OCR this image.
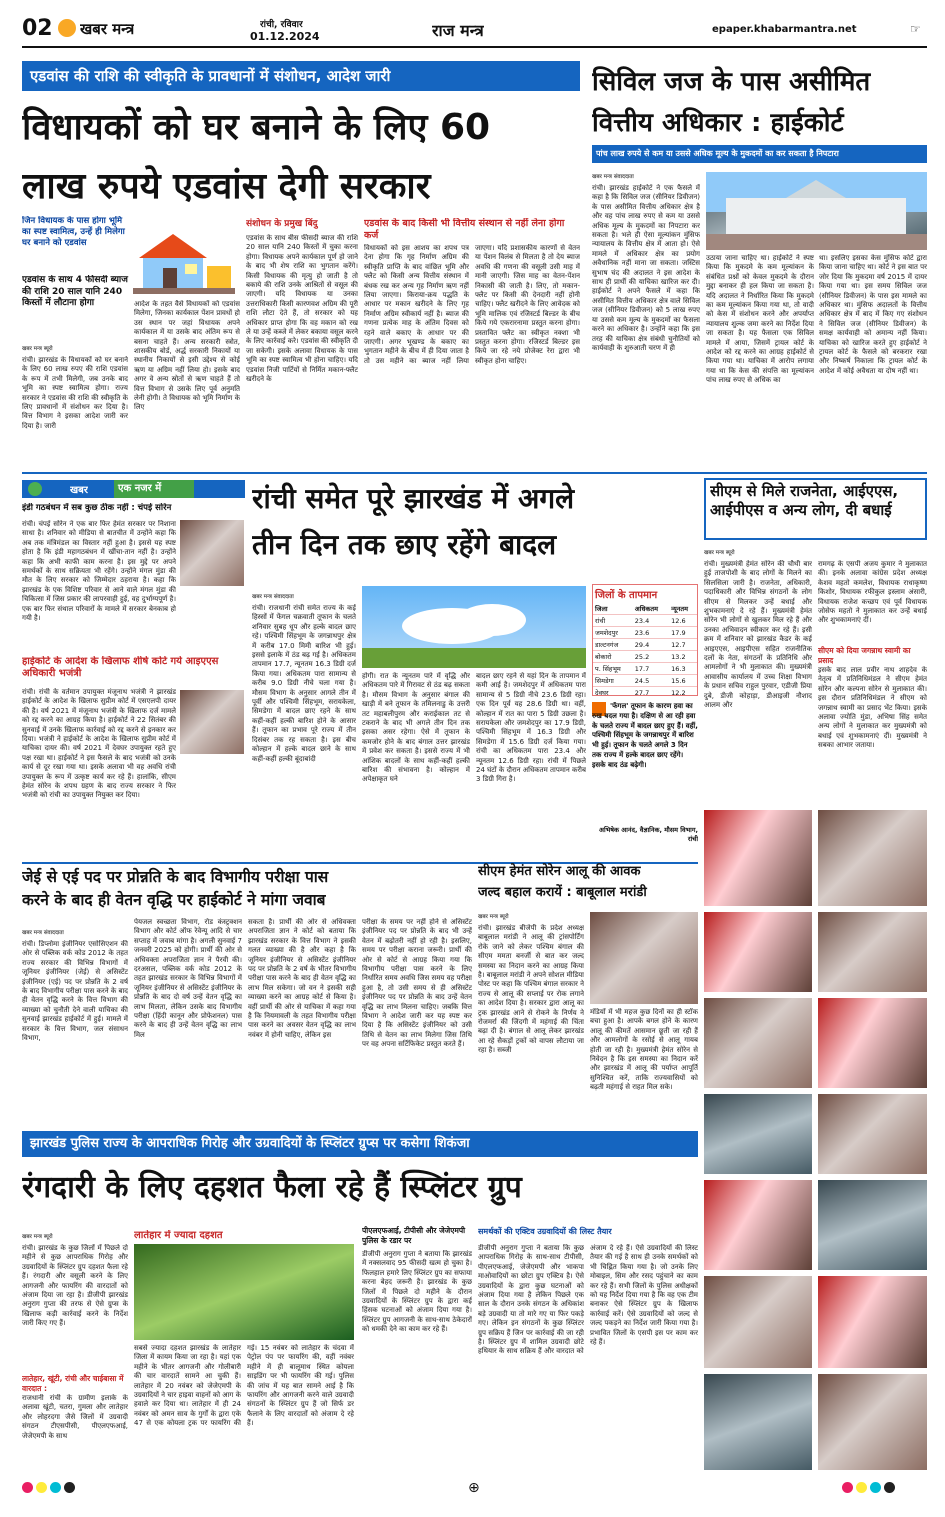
02 खबर मन्त्र	रांची, रविवार
01.12.2024	राज मन्त्र	epaper.khabarmantra.net	☞
एडवांस की राशि की स्वीकृति के प्रावधानों में संशोधन, आदेश जारी
विधायकों को घर बनाने के लिए 60
लाख रुपये एडवांस देगी सरकार
जिन विधायक के पास होगा भूमि का स्पष्ट स्वामित्व, उन्हें ही मिलेगा घर बनाने को एडवांस
एडवांस के साथ 4 फीसदी ब्याज की राशि 20 साल यानि 240 किस्तों में लौटाना होगा
खबर मन्त्र ब्यूरो
रांची। झारखंड के विधायकों को घर बनाने के लिए 60 लाख रुपए की राशि एडवांस के रूप में तभी मिलेगी, जब उनके बाद भूमि का स्पष्ट स्वामित्व होगा। राज्य सरकार ने एडवांस की राशि की स्वीकृति के लिए प्रावधानों में संशोधन कर दिया है। वित्त विभाग ने इसका आदेश जारी कर दिया है। जारी
आदेश के तहत वैसे विधायकों को एडवांस मिलेगा, जिनका कार्यकाल पेंशन प्रावधों हो उस स्थान पर जहां विधायक अपने कार्यकाल में या उसके बाद अंतिम रूप से बसना चाहते हैं। अन्य सरकारी स्त्रोत, शासकीय बोर्ड, अर्द्ध सरकारी निकायों या स्थानीय निकायों से इसी उद्देश्य से कोई ऋण या अग्रिम नहीं लिया हो। इसके बाद अगर वे अन्य स्रोतों से ऋण चाहते हैं तो वित्त विभाग से उसके लिए पूर्व अनुमति लेनी होगी। ते विधायक को भूमि निर्माण के लिए
संशोधन के प्रमुख बिंदु
एडवांस के साथ बीस फीसदी ब्याज की राशि 20 साल यानि 240 किस्तों में चुका करना होगा। विधायक अपने कार्यकाल पूर्ण हो जाने के बाद भी शेष राशि का भुगतान करेंगे। किसी विधायक की मृत्यु हो जाती है तो बकाये की राशि उनके आश्रितों से वसूल की जाएगी। यदि विधायक या उनका उत्तराधिकारी किसी कारणवश अग्रिम की पूरी राशि लौटा देते हैं, तो सरकार को यह अधिकार प्राप्त होगा कि वह मकान को रख ले या उन्हें कब्जे में लेकर बकाया वसूल करने के लिए कार्रवाई करे। एडवांस की स्वीकृति दी जा सकेगी। इसके अलावा विधायक के पास भूमि का स्पष्ट स्वामित्व भी होना चाहिए। यदि एडवांस निजी पार्टियों से निर्मित मकान-फ्लैट खरीदने के
एडवांस के बाद किसी भी वित्तीय संस्थान से नहीं लेना होगा कर्ज
विधायकों को इस आशय का शपथ पत्र देना होगा कि गृह निर्माण अग्रिम की स्वीकृति प्राप्ति के बाद वांछित भूमि और फ्लैट को किसी अन्य वित्तीय संस्थान में बंधक रख कर अन्य गृह निर्माण ऋण नहीं लिया जाएगा। किराया-क्रय पद्धति के आधार पर मकान खरीदने के लिए गृह निर्माण अग्रिम स्वीकार्य नहीं है। ब्याज की गणना प्रत्येक माह के अंतिम दिवस को रहने वाले बकाए के आधार पर की जाएगी। अगर भूखण्ड के बकाए का भुगतान महीने के बीच में ही दिया जाता है तो उस महीने का ब्याज नहीं लिया जाएगा। यदि प्रशासकीय कारणों से वेतन या पेंशन विलंब से मिलता है तो देय ब्याज अवधि की गणना की वसूली उसी माह में मानी जाएगी। जिस माह का वेतन-पेंशन निकासी की जाती है। लिए, तो मकान-फ्लैट पर किसी की देनदारी नहीं होनी चाहिए। फ्लैट खरीदने के लिए आवेदक को भूमि मालिक एवं रजिस्टर्ड बिल्डर के बीच किये गये एकरारनामा प्रस्तुत करना होगा। प्रस्तावित फ्लैट का स्वीकृत नक्शा भी प्रस्तुत करना होगा। रजिस्टर्ड बिल्डर इस किये जा रहे नये प्रोजेक्ट रेरा द्वारा भी स्वीकृत होना चाहिए।
सिविल जज के पास असीमित
वित्तीय अधिकार : हाईकोर्ट
पांच लाख रुपये से कम या उससे अधिक मूल्य के मुकदमों का कर सकता है निपटारा
खबर मन्त्र संवाददाता
रांची। झारखंड हाईकोर्ट ने एक फैसले में कहा है कि सिविल जज (सीनियर डिवीजन) के पास असीमित वित्तीय अधिकार क्षेत्र है और वह पांच लाख रुपए से कम या उससे अधिक मूल्य के मुकदमों का निपटारा कर सकता है। भले ही ऐसा मूल्यांकन मुंसिफ न्यायालय के वित्तीय क्षेत्र में आता हो। ऐसे मामले में अधिकार क्षेत्र का प्रयोग अवैधानिक नहीं माना जा सकता। जस्टिस सुभाष चंद की अदालत ने इस आदेश के साथ ही प्रार्थी की याचिका खारिज कर दी। हाईकोर्ट ने अपने फैसले में कहा कि असीमित वित्तीय अधिकार क्षेत्र वाले सिविल जज (सीनियर डिवीजन) को 5 लाख रुपए या उससे कम मूल्य के मुकदमों का फैसला करने का अधिकार है। उन्होंने कहा कि इस तरह की याचिका क्षेत्र संबंधी चुनौतियों को कार्यवाही के शुरुआती चरण में ही
उठाया जाना चाहिए था। हाईकोर्ट ने स्पष्ट किया कि मुकदमे के कम मूल्यांकन के संबंधित प्रश्नों को केवल मुकदमे के दौरान मुद्दा बनाकर ही हल किया जा सकता है। यदि अदालत ने निर्धारित किया कि मुकदमे का कम मूल्यांकन किया गया था, तो वादी को केस में संशोधन करने और अपर्याप्त न्यायालय शुल्क जमा करने का निर्देश दिया जा सकता है। यह फैसला एक सिविल मामले में आया, जिसमें ट्रायल कोर्ट के आदेश को रद्द करने का आग्रह हाईकोर्ट से किया गया था। याचिका में आरोप लगाया गया था कि केस की संपत्ति का मूल्यांकन पांच लाख रुपए से अधिक का
था। इसलिए इसका केस मुंसिफ कोर्ट द्वारा किया जाना चाहिए था। कोर्ट ने इस बात पर जोर दिया कि मुकदमा वर्ष 2015 में दायर किया गया था। इस समय सिविल जज (सीनियर डिवीजन) के पास इस मामले का अधिकार था। मुंसिफ अदालतों के वित्तीय अधिकार क्षेत्र में बाद में किए गए संशोधन ने सिविल जज (सीनियर डिवीजन) के समक्ष कार्यवाही को अमान्य नहीं किया। याचिका को खारिज करते हुए हाईकोर्ट ने ट्रायल कोर्ट के फैसले को बरकरार रखा और निष्कर्ष निकाला कि ट्रायल कोर्ट के आदेश में कोई अवैधता या दोष नहीं था।
खबर	एक नजर में
इंडी गठबंधन में सब कुछ ठीक नहीं : चंपई सोरेन
रांची। चंपई सोरेन ने एक बार फिर हेमंत सरकार पर निशाना साधा है। शनिवार को मीडिया से बातचीत में उन्होंने कहा कि अब तक मंत्रिमंडल का विस्तार नहीं हुआ है। इससे यह स्पष्ट होता है कि इंडी महागठबंधन में खींचा-तान नहीं है। उन्होंने कहा कि अभी काफी काम करना है। इस मुद्दे पर अपने समर्थकों के साथ सक्रियता भी रहेंगे। उन्होंने मंगल मुंडा की मौत के लिए सरकार को जिम्मेदार ठहराया है। कहा कि झारखंड के एक विशिष्ट परिवार से आने वाले मंगल मुंडा की चिकित्सा में जिस प्रकार की लापरवाही हुई, वह दुर्भाग्यपूर्ण है। एक बार फिर संथाल परिवारों के मामले में सरकार बेनकाब हो गयी है।
हाईकोर्ट के आदेश के खिलाफ शीर्ष कोर्ट गये आइएएस अधिकारी भजंत्री
रांची। रांची के वर्तमान उपायुक्त मंजूनाथ भजंत्री ने झारखंड हाईकोर्ट के आदेश के खिलाफ सुप्रीम कोर्ट में एसएलपी दायर की है। वर्ष 2021 में मंजूनाथ भजंत्री के खिलाफ दर्ज मामले को रद्द करने का आग्रह किया है। हाईकोर्ट ने 22 सितंबर की सुनवाई में उनके खिलाफ कार्रवाई को रद्द करने से इनकार कर दिया। भजंत्री ने हाईकोर्ट के आदेश के खिलाफ सुप्रीम कोर्ट में याचिका दायर की। वर्ष 2021 में देवघर उपायुक्त रहते हुए पक्ष रखा था। हाईकोर्ट ने इस फैसले के बाद भजंत्री को उनके कार्य से दूर रखा गया था। इसके अलावा भी वह अवधि रांची उपायुक्त के रूप में उत्कृष्ट कार्य कर रहे हैं। हालांकि, सीएम हेमंत सोरेन के शपथ ग्रहण के बाद राज्य सरकार ने फिर भजंत्री को रांची का उपायुक्त नियुक्त कर दिया।
रांची समेत पूरे झारखंड में अगले
तीन दिन तक छाए रहेंगे बादल
खबर मन्त्र संवाददाता
रांची। राजधानी रांची समेत राज्य के कई हिस्सों में फेंगल चक्रवाती तूफान के चलते शनिवार सुबह धूप और हल्के बादल छाए रहे। पश्चिमी सिंहभूम के जगन्नाथपुर क्षेत्र में करीब 17.0 मिमी बारिश भी हुई। इससे इलाके में ठंड बढ़ गई है। अधिकतम तापमान 17.7, न्यूनतम 16.3 डिग्री दर्ज किया गया। अधिकतम पारा सामान्य से करीब 9.0 डिग्री नीचे चला गया है। मौसम विभाग के अनुसार आगले तीन में पूर्वी और पश्चिमी सिंहभूम, सरायकेला, सिमडेगा में बादल छाए रहने के साथ कहीं-कहीं हल्की बारिश होने के आसार हैं। तूफान का प्रभाव पूरे राज्य में तीन दिसंबर तक रह सकता है। इस बीच कोल्हान में हल्के बादल छाने के साथ कहीं-कहीं हल्की बूंदाबांदी
होगी। रात के न्यूनतम पारे में वृद्धि और अधिकतम पारे में गिरावट से ठंड बढ़ सकता है। मौसम विभाग के अनुसार बंगाल की खाड़ी में बने तूफान के तमिलनाडु के उत्तरी तट महाबलीपुरम और कराईकाल तट से टकराने के बाद भी अगले तीन दिन तक इसका असर रहेगा। ऐसे में तूफान के कमजोर होने के बाद बंगाल उत्तर झारखंड में प्रवेश कर सकता है। इससे राज्य में भी आंशिक बादलों के साथ कहीं-कहीं हल्की बारिश की संभावना है। कोल्हान में अपेक्षाकृत घने
बादल छाए रहने से यहां दिन के तापमान में कमी आई है। जमशेदपुर में अधिकतम पारा सामान्य से 5 डिग्री नीचे 23.6 डिग्री रहा। एक दिन पूर्व यह 28.6 डिग्री था। वहीं, कोल्हान में रात का पारा 5 डिग्री उछला है। सरायकेला और जमशेदपुर का 17.9 डिग्री, पश्चिमी सिंहभूम में 16.3 डिग्री और सिमडेगा में 15.6 डिग्री दर्ज किया गया। रांची का अधिकतम पारा 23.4 और न्यूनतम 12.6 डिग्री रहा। रांची में पिछले 24 घंटों के दौरान अधिकतम तापमान करीब 3 डिग्री गिरा है।
जिलों के तापमान
जिला	अधिकतम	न्यूनतम
रांची	23.4	12.6
जमशेदपुर	23.6	17.9
डाल्टनगंज	29.4	12.7
बोकारो	25.2	13.2
प. सिंहभूम	17.7	16.3
सिमडेगा	24.5	15.6
देवघर	27.7	12.2
'फेंगल' तूफान के कारण हवा का रुख बदल गया है। दक्षिण से आ रही हवा के चलते राज्य में बादल छाए हुए हैं। वहीं, पश्चिमी सिंहभूम के जगन्नाथपुर में बारिश भी हुई। तूफान के चलते अगले 3 दिन तक राज्य में हल्के बादल छाए रहेंगे। इसके बाद ठंड बढ़ेगी।
अभिषेक आनंद, वैज्ञानिक, मौसम विभाग, रांची
सीएम से मिले राजनेता, आईएएस, आईपीएस व अन्य लोग, दी बधाई
खबर मन्त्र ब्यूरो
रांची। मुख्यमंत्री हेमंत सोरेन की चौथी बार हुई ताजपोशी के बाद लोगों के मिलने का सिलसिला जारी है। राजनेता, अधिकारी, पदाधिकारी और विभिन्न संगठनों के लोग सीएम से मिलकर उन्हें बधाई और शुभकामनाएं दे रहे हैं। मुख्यमंत्री हेमंत सोरेन भी लोगों से खुलकर मिल रहे हैं और उनका अभिवादन स्वीकार कर रहे हैं। इसी क्रम में शनिवार को झारखंड कैडर के कई आइएएस, आइपीएस सहित राजनीतिक दलों के नेता, संगठनों के प्रतिनिधि और आमलोगों ने भी मुलाकात की। मुख्यमंत्री आवासीय कार्यालय में उच्च शिक्षा विभाग के प्रधान सचिव राहुल पुरवार, एडीजी प्रिया दुबे, डीजी कोहाड़ा, डीआइजी नौशाद आलम और
रामगढ़ के एसपी अजय कुमार ने मुलाकात की। इनके अलावा कांग्रेस प्रदेश अध्यक्ष केशव महतो कमलेश, विधायक राधाकृष्ण किशोर, विधायक रफीकुल इस्लाम अंसारी, विधायक राजेश कच्छप एवं पूर्व विधायक जोसेफ महतो ने मुलाकात कर उन्हें बधाई और शुभकामनाएं दीं।
सीएम को दिया जगन्नाथ स्वामी का प्रसाद
इसके बाद लाल प्रवीर नाथ शाहदेव के नेतृत्व में प्रतिनिधिमंडल ने सीएम हेमंत सोरेन और कल्पना सोरेन से मुलाकात की। इस दौरान प्रतिनिधिमंडल ने सीएम को जगन्नाथ स्वामी का प्रसाद भेंट किया। इसके अलावा ज्योति मुंडा, अभिषा सिंह समेत अन्य लोगों ने मुलाकात कर मुख्यमंत्री को बधाई एवं शुभकामनाएं दीं। मुख्यमंत्री ने सबका आभार जताया।
जेई से एई पद पर प्रोन्नति के बाद विभागीय परीक्षा पास
करने के बाद ही वेतन वृद्धि पर हाईकोर्ट ने मांगा जवाब
खबर मन्त्र संवाददाता
रांची। डिप्लोमा इंजीनियर एसोसिएशन की ओर से पब्लिक वर्क कोड 2012 के तहत राज्य सरकार की विभिन्न विभागों में जूनियर इंजीनियर (जेई) से असिस्टेंट इंजीनियर (एई) पद पर प्रोन्नति के 2 वर्ष के बाद विभागीय परीक्षा पास करने के बाद ही वेतन वृद्धि करने के वित्त विभाग की व्याख्या को चुनौती देने वाली याचिका की सुनवाई झारखंड हाईकोर्ट में हुई। मामले में सरकार के वित्त विभाग, जल संसाधन विभाग,
पेयजल स्वच्छता विभाग, रोड कंस्ट्रक्शन विभाग और कोर्ट ऑफ रेवेन्यू आदि से चार सप्ताह में जवाब मांगा है। अगली सुनवाई 7 जनवरी 2025 को होगी। प्रार्थी की ओर से अधिवक्ता अपराजिता ज्ञान ने पैरवी की। दरअसल, पब्लिक वर्क कोड 2012 के तहत झारखंड सरकार के विभिन्न विभागों में जूनियर इंजीनियर से असिस्टेंट इंजीनियर के प्रोन्नति के बाद दो वर्ष उन्हें वेतन वृद्धि का लाभ मिलता, लेकिन उसके बाद विभागीय परीक्षा (हिंदी कानून और प्रोफेशनल) पास करने के बाद ही उन्हें वेतन वृद्धि का लाभ मिल
सकता है। प्रार्थी की ओर से अधिवक्ता अपराजिता ज्ञान ने कोर्ट को बताया कि झारखंड सरकार के वित्त विभाग ने इसकी गलत व्याख्या की है और कहा है कि जूनियर इंजीनियर से असिस्टेंट इंजीनियर पद पर प्रोन्नति के 2 वर्ष के भीतर विभागीय परीक्षा पास करने के बाद ही वेतन वृद्धि का लाभ मिल सकेगा। जो वन ने इसकी सही व्याख्या करने का आग्रह कोर्ट से किया है। वहीं प्रार्थी की ओर से याचिका में कहा गया है कि नियमावली के तहत विभागीय परीक्षा पास करने का अवसर वेतन वृद्धि का लाभ नवंबर में होनी चाहिए, लेकिन इस
परीक्षा के समय पर नहीं होने से असिस्टेंट इंजीनियर पद पर प्रोन्नति के बाद भी उन्हें वेतन में बढ़ोतरी नहीं हो रही है। इसलिए, समय पर परीक्षा कराना जरूरी। प्रार्थी की ओर से कोर्ट से आग्रह किया गया कि विभागीय परीक्षा पास करने के लिए निर्धारित समय अवधि जिस समय वह परीक्षा हुआ है, तो उसी समय से ही असिस्टेंट इंजीनियर पद पर प्रोन्नति के बाद उन्हें वेतन वृद्धि का लाभ मिलना चाहिए। जबकि वित्त विभाग ने आदेश जारी कर यह स्पष्ट कर दिया है कि असिस्टेंट इंजीनियर को उसी तिथि से वेतन का लाभ मिलेगा जिस तिथि पर वह अपना सर्टिफिकेट प्रस्तुत करते हैं।
सीएम हेमंत सोरेन आलू की आवक
जल्द बहाल करायें : बाबूलाल मरांडी
खबर मन्त्र ब्यूरो
रांची। झारखंड बीजेपी के प्रदेश अध्यक्ष बाबूलाल मरांडी ने आलू की ट्रांसपोर्टिंग रोके जाने को लेकर पश्चिम बंगाल की सीएम ममता बनर्जी से बात कर जल्द समस्या का निदान करने का आग्रह किया है। बाबूलाल मरांडी ने अपने सोशल मीडिया पोस्ट पर कहा कि पश्चिम बंगाल सरकार ने राज्य से आलू की सप्लाई पर रोक लगाने का आदेश दिया है। सरकार द्वारा आलू का ट्रक झारखंड आने से रोकने के निर्णय ने रोजमर्रा की जिंदगी में महंगाई की चिंता बढ़ा दी है। बंगाल से आलू लेकर झारखंड आ रहे सैकड़ों ट्रकों को वापस लौटाया जा रहा है। सब्जी
मंडियों में भी महज कुछ दिनों का ही स्टॉक बचा हुआ है। आपके बगल होने के कारण आलू की कीमतें आसमान छूती जा रही हैं और आमलोगों के रसोई से आलू गायब होती जा रही है। मुख्यमंत्री हेमंत सोरेन से निवेदन है कि इस समस्या का निदान करें और झारखंड में आलू की पर्याप्त आपूर्ति सुनिश्चित करें, ताकि राज्यवासियों को बढ़ती महंगाई से राहत मिल सके।
झारखंड पुलिस राज्य के आपराधिक गिरोह और उग्रवादियों के स्प्लिंटर ग्रुप्स पर कसेगा शिकंजा
रंगदारी के लिए दहशत फैला रहे हैं स्प्लिंटर ग्रुप
खबर मन्त्र ब्यूरो
रांची। झारखंड के कुछ जिलों में पिछले दो महीने से कुछ आपराधिक गिरोह और उग्रवादियों के स्प्लिंटर ग्रुप दहशत फैला रहे हैं। रंगदारी और वसूली करने के लिए आगजनी और फायरिंग की वारदातों को अंजाम दिया जा रहा है। डीजीपी झारखंड अनुराग गुप्ता की तरफ से ऐसे ग्रुप्स के खिलाफ कड़ी कार्रवाई करने के निर्देश जारी किए गए हैं।
लातेहार, खूंटी, रांची और चाईबासा में वारदात :
राजधानी रांची के ग्रामीण इलाके के अलावा खूंटी, चतरा, गुमला और लातेहार और लोहरदगा जैसे जिलों में उग्रवादी संगठन टीएसपीसी, पीएलएफआई, जेजेएमपी के साथ
लातेहार में ज्यादा दहशत
सबसे ज्यादा दहशत झारखंड के लातेहार जिला में कायम किया जा रहा है। यहां एक महीने के भीतर आगजनी और गोलीबारी की चार वारदातें सामने आ चुकी हैं। लातेहार में 20 नवंबर को जेजेएमपी के उग्रवादियों ने चार हाइवा वाहनों को आग के हवाले कर दिया था। लातेहार में ही 24 नवंबर को अमन साव के गुर्गों के द्वारा एके 47 से एक कोयला ट्रक पर फायरिंग की गई। 15 नवंबर को लातेहार के चंदवा में पेट्रोल पंप पर फायरिंग की, वहीं नवंबर महीने में ही बालूमाथ स्थित कोयला साइडिंग पर भी फायरिंग की गई। पुलिस की जांच में यह बात सामने आई है कि फायरिंग और आगजनी करने वाले उग्रवादी संगठनों के स्प्लिंटर ग्रुप हैं जो सिर्फ डर फैलाने के लिए वारदातों को अंजाम दे रहे हैं।
पीएलएफआई, टीपीसी और जेजेएमपी पुलिस के रडार पर
डीजीपी अनुराग गुप्ता ने बताया कि झारखंड में नक्सलवाद 95 फीसदी खत्म हो चुका है। फिलहाल हमारे लिए स्प्लिंटर ग्रुप का सफाया करना बेहद जरूरी है। झारखंड के कुछ जिलों में पिछले दो महीने के दौरान उग्रवादियों के स्प्लिंटर ग्रुप के द्वारा कई हिंसक घटनाओं को अंजाम दिया गया है। स्प्लिंटर ग्रुप आगजनी के साथ-साथ ठेकेदारों को धमकी देने का काम कर रहे हैं।
समर्थकों की एक्टिव उग्रवादियों की लिस्ट तैयार
डीजीपी अनुराग गुप्ता ने बताया कि कुछ आपराधिक गिरोह के साथ-साथ टीपीसी, पीएलएफआई, जेजेएमपी और भाकपा माओवादियों का छोटा ग्रुप एक्टिव है। ऐसे उग्रवादियों के द्वारा कुछ घटनाओं को अंजाम दिया गया है लेकिन पिछले एक साल के दौरान उनके संगठन के अधिकांश बड़े उग्रवादी या तो मारे गए या फिर पकड़े गए। लेकिन इन संगठनों के कुछ स्प्लिंटर ग्रुप सक्रिय हैं जिन पर कार्रवाई की जा रही है। स्प्लिंटर ग्रुप में शामिल उग्रवादी छोटे हथियार के साथ सक्रिय हैं और वारदात को
अंजाम दे रहे हैं। ऐसे उग्रवादियों की लिस्ट तैयार की गई है साथ ही उनके समर्थकों को भी चिह्नित किया गया है। जो उनके लिए मोबाइल, सिम और रसद पहुंचाने का काम कर रहे हैं। सभी जिलों के पुलिस अधीक्षकों को यह निर्देश दिया गया है कि वह एक टीम बनाकर ऐसे स्प्लिंटर ग्रुप के खिलाफ कार्रवाई करें। ऐसे उग्रवादियों को जल्द से जल्द पकड़ने का निर्देश जारी किया गया है। प्रभावित जिलों के एसपी इस पर काम कर रहे हैं।
⊕
